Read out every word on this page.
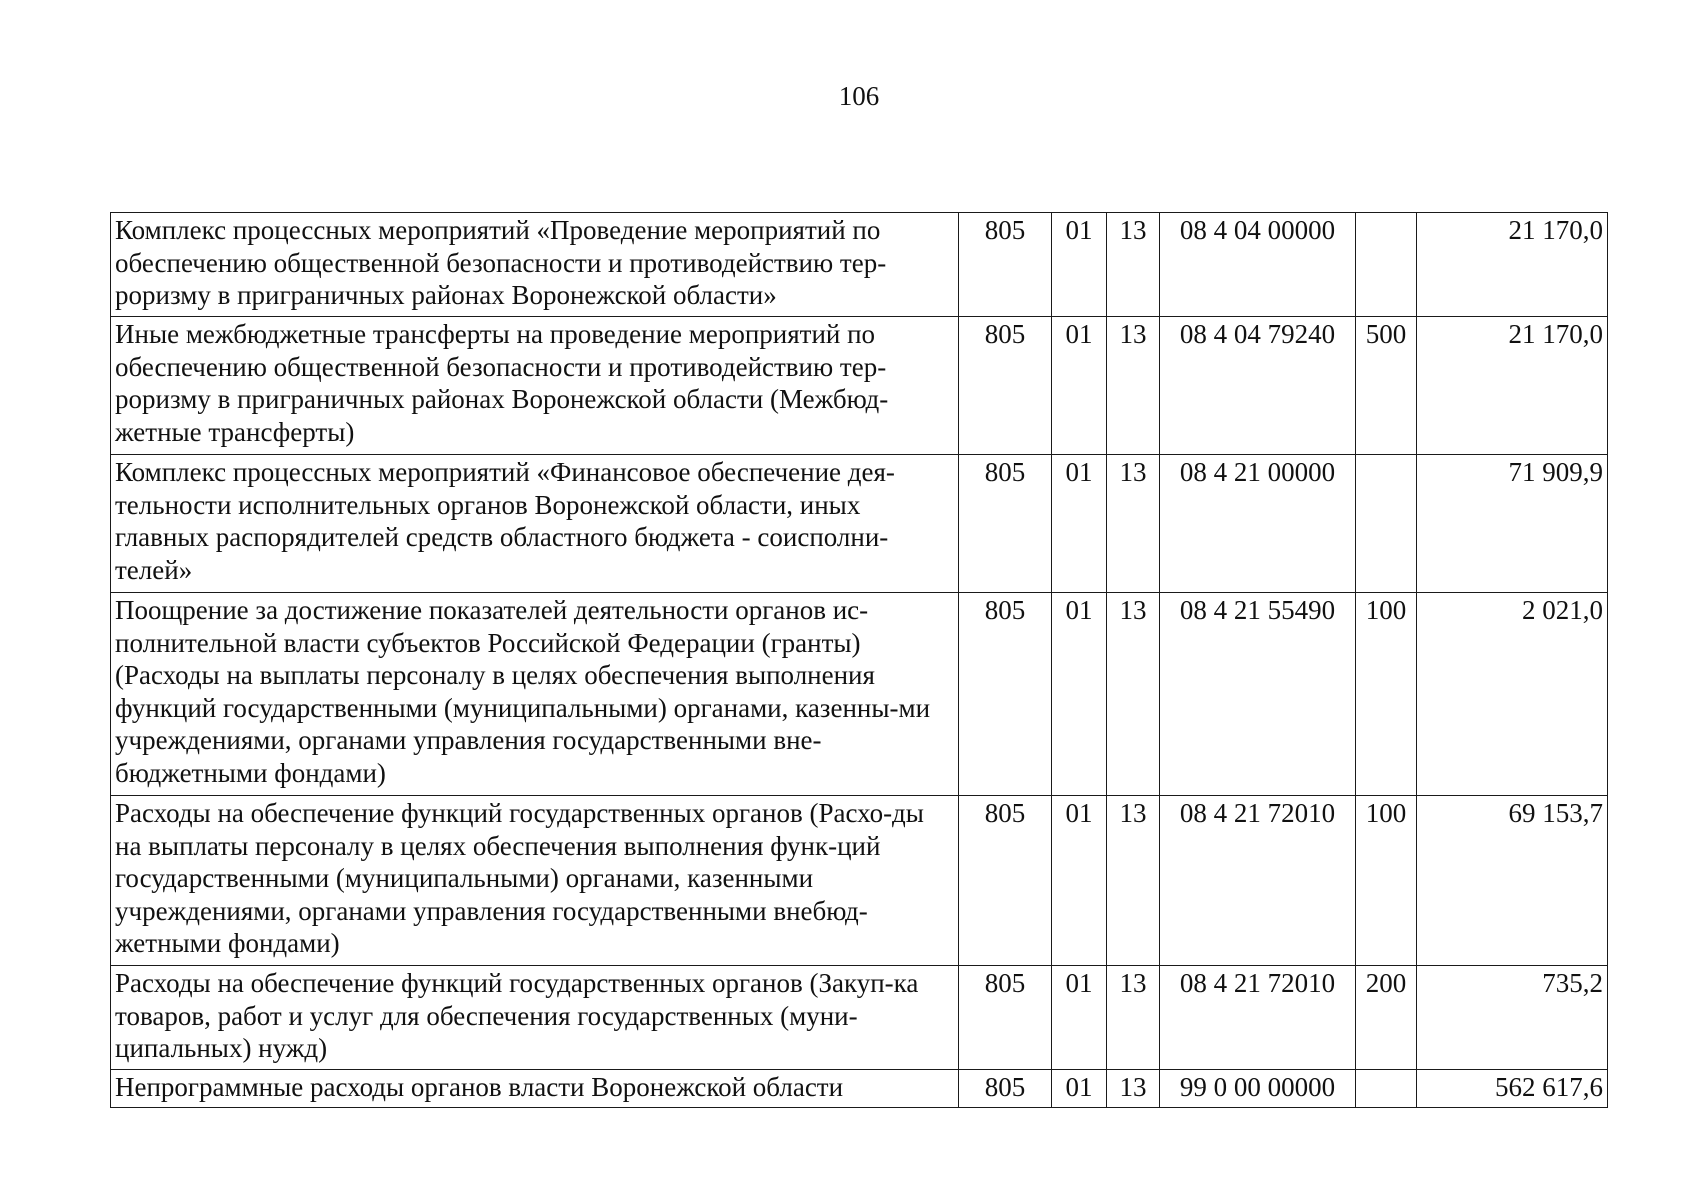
106
Комплекс процессных мероприятий «Проведение мероприятий по обеспечению общественной безопасности и противодействию тер-роризму в приграничных районах Воронежской области»	805	01	13	08 4 04 00000		21 170,0
Иные межбюджетные трансферты на проведение мероприятий по обеспечению общественной безопасности и противодействию тер-роризму в приграничных районах Воронежской области (Межбюд-жетные трансферты)	805	01	13	08 4 04 79240	500	21 170,0
Комплекс процессных мероприятий «Финансовое обеспечение дея-тельности исполнительных органов Воронежской области, иных главных распорядителей средств областного бюджета - соисполни-телей»	805	01	13	08 4 21 00000		71 909,9
Поощрение за достижение показателей деятельности органов ис-полнительной власти субъектов Российской Федерации (гранты) (Расходы на выплаты персоналу в целях обеспечения выполнения функций государственными (муниципальными) органами, казенны-ми учреждениями, органами управления государственными вне-бюджетными фондами)	805	01	13	08 4 21 55490	100	2 021,0
Расходы на обеспечение функций государственных органов (Расхо-ды на выплаты персоналу в целях обеспечения выполнения функ-ций государственными (муниципальными) органами, казенными учреждениями, органами управления государственными внебюд-жетными фондами)	805	01	13	08 4 21 72010	100	69 153,7
Расходы на обеспечение функций государственных органов (Закуп-ка товаров, работ и услуг для обеспечения государственных (муни-ципальных) нужд)	805	01	13	08 4 21 72010	200	735,2
Непрограммные расходы органов власти Воронежской области	805	01	13	99 0 00 00000		562 617,6
